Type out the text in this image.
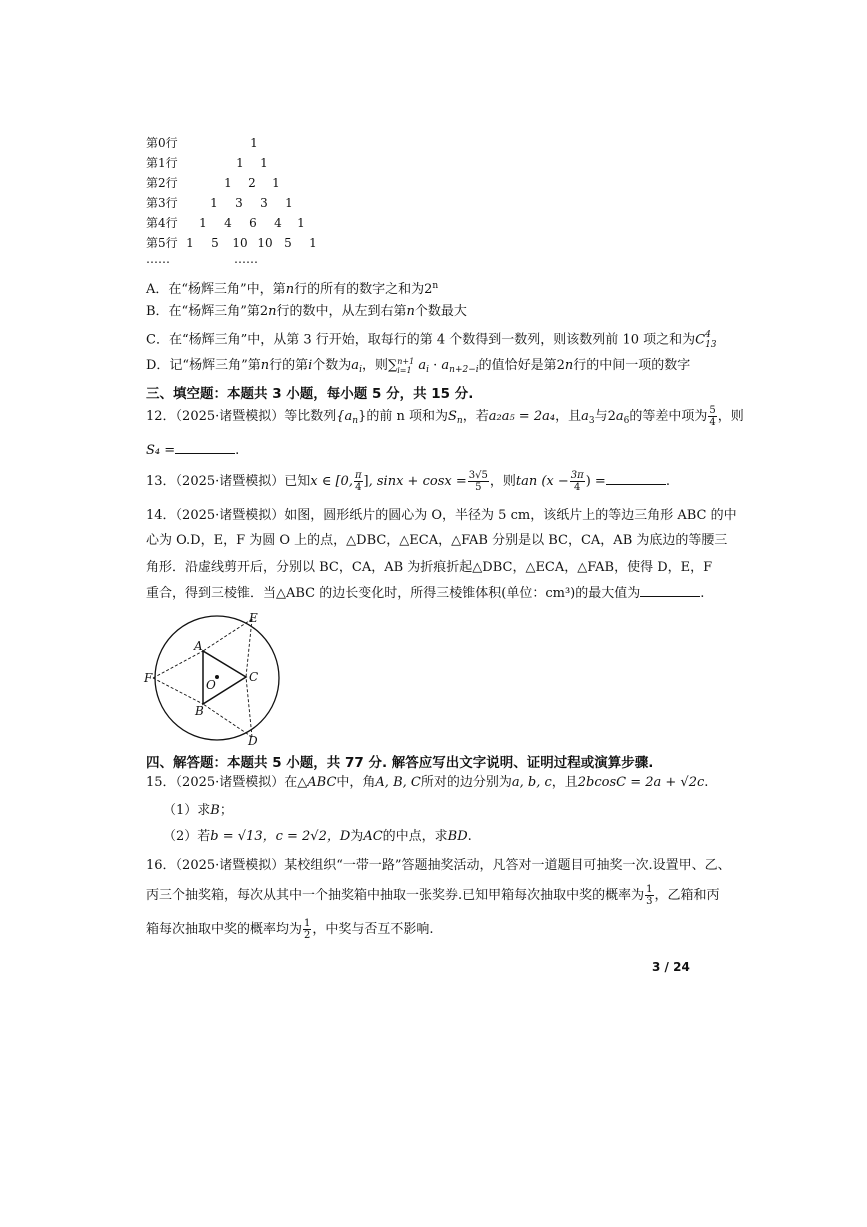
第0行	1
第1行	1	1
第2行	1	2	1
第3行	1	3	3	1
第4行	1	4	6	4	1
第5行 1	5	10 10 5	1
……	……
A．在“杨辉三角”中，第n行的所有的数字之和为2$^n$
B．在“杨辉三角”第2n行的数中，从左到右第n个数最大
C．在“杨辉三角”中，从第 3 行开始，取每行的第 4 个数得到一数列，则该数列前 10 项之和为C 4
13
D．记“杨辉三角”第n行的第i个数为$a_i$，则∑ n+1
i=1 $a_i \cdot a_{n+2-i}$的值恰好是第2n行的中间一项的数字
三、填空题：本题共 3 小题，每小题 5 分，共 15 分.
12．（2025·诸暨模拟）等比数列$\{a_n\}$的前 n 项和为$S_n$，若a₂a₅ = 2a₄，且$a_3$与$2a_6$的等差中项为 $\frac{5}{4}$ ，则
S₄ =	.
13．（2025·诸暨模拟）已知x ∈ [0, $\frac{\pi}{4}$ ], $\sin x + \cos x = \frac{3√5}{5}$ ，则$\tan (x - \frac{3\pi}{4}$ ) =	.
14．（2025·诸暨模拟）如图，圆形纸片的圆心为 O，半径为 5 cm，该纸片上的等边三角形 ABC 的中
心为 O.D，E，F 为圆 O 上的点，△DBC，△ECA，△FAB 分别是以 BC，CA，AB 为底边的等腰三
角形．沿虚线剪开后，分别以 BC，CA，AB 为折痕折起△DBC，△ECA，△FAB，使得 D，E，F
重合，得到三棱锥．当△ABC 的边长变化时，所得三棱锥体积(单位：cm³)的最大值为	.
A
B
C
D
E
F	O
四、解答题：本题共 5 小题，共 77 分. 解答应写出文字说明、证明过程或演算步骤.
15．（2025·诸暨模拟）在△ABC中，角A, B, C所对的边分别为a, b, c，且2bcosC = 2a + √2c.
（1）求B；
（2）若b = √13，c = 2√2，D为AC的中点，求BD.
16．（2025·诸暨模拟）某校组织“一带一路”答题抽奖活动，凡答对一道题目可抽奖一次.设置甲、乙、
丙三个抽奖箱，每次从其中一个抽奖箱中抽取一张奖券.已知甲箱每次抽取中奖的概率为 $\frac{1}{3}$ ，乙箱和丙
箱每次抽取中奖的概率均为 $\frac{1}{2}$ ，中奖与否互不影响.
3 / 24
